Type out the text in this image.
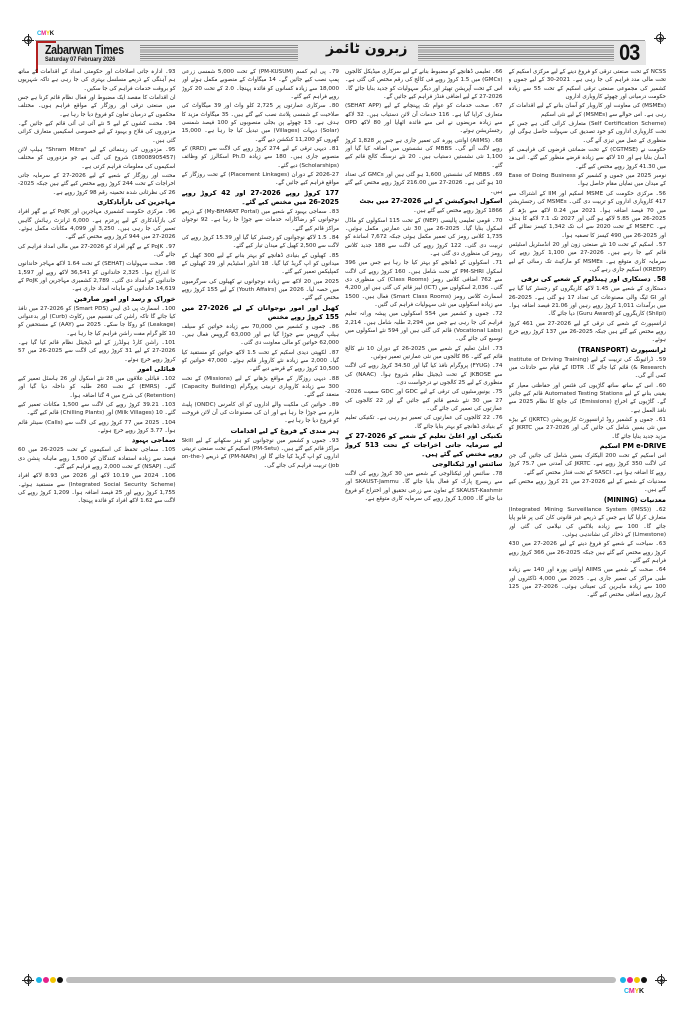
CMYK
Zabarwan Times
Saturday 07 February 2026
زبرون ٹائمز	03

NCSS کے تحت صنعتی ترقی کو فروغ دینے کے لیے مرکزی اسکیم کے تحت مالی مدد فراہم کی جا رہی ہے۔ 2021-30 کے لیے جموں و کشمیر کی مجموعی صنعتی ترقی اسکیم کے تحت 55 سے زیادہ حکومت درمیانی اور چھوٹے کاروباری اداروں

(MSMEs) کی معاونت اور کاروبار کو آسان بنانے کے لیے اقدامات کر رہی ہے۔ اس حوالے سے (MSMEs) کے لیے نئی اسکیم

(Self Certification Scheme) متعارف کرائی گئی ہے جس کے تحت کاروباری اداروں کو خود تصدیق کی سہولت حاصل ہوگی اور منظوری کے عمل میں تیزی آئے گی۔

حکومت نے (CGTMSE) کے تحت ضمانتی قرضوں کی فراہمی کو آسان بنایا ہے اور 10 لاکھ سے زیادہ قرضے منظور کیے گئے۔ اس مد میں 41.30 کروڑ روپے مختص کیے گئے۔

نومبر 2025 میں جموں و کشمیر کو Ease of Doing Business کے میدان میں نمایاں مقام حاصل ہوا۔

56۔ مرکزی حکومت کی MSME اسکیم اور IIM کے اشتراک سے 417 کاروباری اداروں کو تربیت دی گئی۔ MSMEs کی رجسٹریشن میں 70 فیصد اضافہ ہوا۔ 2021 میں 0.24 لاکھ سے بڑھ کر 2025-26 میں 5.85 لاکھ ہو گئی اور 2027 تک 7.1 لاکھ کا ہدف ہے۔ MSEFC کے تحت 2020 سے اب تک 1,342 کیسز نمٹائے گئے اور 2025-26 میں 490 کیسز کا تصفیہ ہوا۔

57۔ اسکیم کے تحت 10 نئے صنعتی زون اور 20 انڈسٹریل اسٹیٹس قائم کیے جا رہے ہیں۔ 2026-27 میں 1,100 کروڑ روپے کی سرمایہ کاری متوقع ہے۔ MSMEs کو مارکیٹ تک رسائی کے لیے (KREDP) اسکیم جاری رہے گی۔

58۔ دستکاری اور ہینڈلوم کے شعبے کی ترقی

دستکاری کے شعبے میں 1.45 لاکھ کاریگروں کو رجسٹر کیا گیا ہے اور GI ٹیگ والی مصنوعات کی تعداد 17 ہو گئی ہے۔ 2025-26 میں برآمدات 1,011 کروڑ روپے رہیں اور 21.06 فیصد اضافہ ہوا۔ (Shilpi) کاریگروں کو (Guru Award) دیا جائے گا۔

ٹرانسپورٹ کے شعبے کی ترقی کے لیے 2026-27 میں 461 کروڑ روپے مختص کیے گئے ہیں جبکہ 2025-26 میں 137 کروڑ روپے خرچ ہوئے۔

ٹرانسپورٹ (TRANSPORT)

59۔ ڈرائیونگ کی تربیت کے لیے (Institute of Driving Training & Research) قائم کیا جائے گا۔ IDTR کے قیام سے حادثات میں کمی آئے گی۔

60۔ اس کے ساتھ ساتھ گاڑیوں کی فٹنس اور حفاظتی معیار کو یقینی بنانے کے لیے Automated Testing Stations قائم کیے جائیں گے۔ گاڑیوں کے اخراج (Emissions) کی جانچ کا نظام 2025 سے نافذ العمل ہے۔

61۔ جموں و کشمیر روڈ ٹرانسپورٹ کارپوریشن (JKRTC) کے بیڑے میں نئی بسیں شامل کی جائیں گی اور 2026-27 میں JKRTC کو مزید جدید بنایا جائے گا۔

PM e-DRIVE اسکیم

اس اسکیم کے تحت 200 الیکٹرک بسیں شامل کی جائیں گی جن کی لاگت 350 کروڑ روپے ہے۔ JKRTC کی آمدنی میں 75.7 کروڑ روپے کا اضافہ ہوا ہے۔ SASCI کے تحت فنڈز مختص کیے گئے۔

معدنیات کے شعبے کے لیے 2026-27 میں 21 کروڑ روپے مختص کیے گئے ہیں۔

معدنیات (MINING)

62۔ (Integrated Mining Surveillance System (IMSS)) متعارف کرایا گیا ہے جس کے ذریعے غیر قانونی کان کنی پر قابو پایا جائے گا۔ 100 سے زیادہ بلاکس کی نیلامی کی گئی اور (Limestone) کے ذخائر کی نشاندہی ہوئی۔

63۔ سیاحت کے شعبے کو فروغ دینے کے لیے 2026-27 میں 430 کروڑ روپے مختص کیے گئے ہیں جبکہ 2025-26 میں 366 کروڑ روپے فراہم کیے گئے۔

64۔ صحت کے شعبے میں AIIMS اوانتی پورہ اور 140 سے زیادہ طبی مراکز کی تعمیر جاری ہے۔ 2025 میں 4,000 ڈاکٹروں اور 100 سے زیادہ ماہرین کی تعیناتی ہوئی۔ 2026-27 میں 125 کروڑ روپے اضافی مختص کیے گئے۔

66۔ تعلیمی ڈھانچے کو مضبوط بنانے کے لیے سرکاری میڈیکل کالجوں (GMCs) میں 1.5 کروڑ روپے فی کالج کی رقم مختص کی گئی ہے۔ اس کے تحت آپریشن تھیٹر اور دیگر سہولیات کو جدید بنایا جائے گا۔ 2026-27 کے لیے اضافی فنڈز فراہم کیے جائیں گے۔

67۔ صحت خدمات کو عوام تک پہنچانے کے لیے (SEHAT APP) متعارف کرایا گیا ہے۔ 116 خدمات آن لائن دستیاب ہیں۔ 32 لاکھ سے زیادہ مریضوں نے اس سے فائدہ اٹھایا اور 80 لاکھ OPD رجسٹریشن ہوئے۔

68۔ (AIIMS) اوانتی پورہ کی تعمیر جاری ہے جس پر 1,828 کروڑ روپے لاگت آئے گی۔ MBBS کی نشستوں میں اضافہ کیا گیا اور 1,100 نئی نشستیں دستیاب ہیں۔ 20 نئے نرسنگ کالج قائم کیے گئے۔

69۔ MBBS کی نشستیں 1,600 ہو گئی ہیں اور GMCs کی تعداد 10 ہو گئی ہے۔ 2026-27 میں 216.00 کروڑ روپے مختص کیے گئے ہیں۔

اسکول ایجوکیشن کے لیے 2026-27 میں بجٹ

1866 کروڑ روپے مختص کیے گئے ہیں۔

70۔ قومی تعلیمی پالیسی (NEP) کے تحت 115 اسکولوں کو ماڈل اسکول بنایا گیا۔ 2025-26 میں 30 نئی عمارتیں مکمل ہوئیں۔ 1,735 کلاس رومز کی تعمیر مکمل ہوئی جبکہ 7,672 اساتذہ کو تربیت دی گئی۔ 122 کروڑ روپے کی لاگت سے 188 جدید کلاس رومز کی منظوری دی گئی ہے۔

71۔ اسکولوں کے ڈھانچے کو بہتر کیا جا رہا ہے جس میں 396 اسکول PM-SHRI کے تحت شامل ہیں۔ 160 کروڑ روپے کی لاگت سے 762 اضافی کلاس رومز (Class Rooms) کی منظوری دی گئی۔ 2,036 اسکولوں میں (ICT) لیبز قائم کی گئی ہیں اور 4,200 اسمارٹ کلاس رومز (Smart Class Rooms) فعال ہیں۔ 1500 سے زیادہ اسکولوں میں نئی سہولیات فراہم کی گئیں۔

72۔ جموں و کشمیر میں 554 اسکولوں میں پیشہ ورانہ تعلیم فراہم کی جا رہی ہے جس میں 2,294 طلبہ شامل ہیں۔ 2,214 (Vocational Labs) قائم کی گئی ہیں اور 594 نئے اسکولوں میں توسیع کی جائے گی۔

73۔ اعلیٰ تعلیم کے شعبے میں 2025-26 کے دوران 10 نئے کالج قائم کیے گئے۔ 86 کالجوں میں نئی عمارتیں تعمیر ہوئیں۔

74۔ (FYUG) پروگرام نافذ کیا گیا اور 34.50 کروڑ روپے کی لاگت سے JKBOSE کے تحت ڈیجیٹل نظام شروع ہوا۔ (NAAC) کی منظوری کے لیے 25 کالجوں نے درخواست دی۔

75۔ یونیورسٹیوں کی ترقی کے لیے GDC اور GDC سمیت 2026-27 میں 30 نئے شعبے قائم کیے جائیں گے اور 22 کالجوں کی عمارتوں کی تعمیر کی جائے گی۔

76۔ 22 کالجوں کی عمارتوں کی تعمیر ہو رہی ہے۔ تکنیکی تعلیم کے بنیادی ڈھانچے کو بہتر بنایا جائے گا۔

تکنیکی اور اعلیٰ تعلیم کے شعبے کو 2026-27 کے لیے سرمایہ جاتی اخراجات کے تحت 513 کروڑ روپے مختص کیے گئے ہیں۔

سائنس اور ٹیکنالوجی

78۔ سائنس اور ٹیکنالوجی کے شعبے میں 30 کروڑ روپے کی لاگت سے ریسرچ پارک کو فعال بنایا جائے گا۔ SKAUST-Jammu اور SKAUST-Kashmir کے تعاون سے زرعی تحقیق اور اختراع کو فروغ دیا جائے گا۔ 1,000 کروڑ روپے کی سرمایہ کاری متوقع ہے۔

79۔ پی ایم کسم (PM-KUSUM) کے تحت 5,000 شمسی زرعی پمپ نصب کیے جائیں گے۔ 14 میگاواٹ کے منصوبے مکمل ہوئے اور 18,000 سے زیادہ کسانوں کو فائدہ پہنچا۔ 2.0 کے تحت 20 کروڑ روپے فراہم کیے گئے۔

80۔ سرکاری عمارتوں پر 2,725 کلو واٹ اور 39 میگاواٹ کی صلاحیت کے شمسی پلانٹ نصب کیے گئے ہیں۔ 35 میگاواٹ مزید کا ہدف ہے۔ 13 چھوٹے پن بجلی منصوبوں کو 100 فیصد شمسی (Solar) دیہات (Villages) میں تبدیل کیا جا رہا ہے۔ 15,000 گھروں کو 11,200 کنکشن دیے گئے۔

81۔ دیہی ترقی کے لیے 274 کروڑ روپے کی لاگت سے (RRD) کے منصوبے جاری ہیں۔ 180 سے زیادہ Ph.D اسکالرز کو وظائف (Scholarships) دیے گئے۔

2026-27 کے دوران (Placement Linkages) کے تحت روزگار کے مواقع فراہم کیے جائیں گے۔

177 کروڑ روپے 2026-27 اور 42 کروڑ روپے 2025-26 میں مختص کیے گئے۔

83۔ سماجی بہبود کے شعبے میں (My-BHARAT Portal) کے ذریعے نوجوانوں کو رضاکارانہ خدمات سے جوڑا جا رہا ہے۔ 92 نوجوان مراکز قائم کیے گئے۔

84۔ 1.5 لاکھ نوجوانوں کو رجسٹر کیا گیا اور 15.39 کروڑ روپے کی لاگت سے 2,500 کھیل کے میدان تیار کیے گئے۔

85۔ کھیلوں کے بنیادی ڈھانچے کو بہتر بنانے کے لیے 300 کھیل کے میدانوں کو اپ گریڈ کیا گیا۔ 18 انڈور اسٹیڈیم اور 29 کھیلوں کے کمپلیکس تعمیر کیے گئے۔

2025 میں 20 لاکھ سے زیادہ نوجوانوں نے کھیلوں کی سرگرمیوں میں حصہ لیا۔ 2026 میں (Youth Affairs) کے لیے 155 کروڑ روپے مختص کیے گئے۔

کھیل اور امور نوجوانان کے لیے 2026-27 میں 155 کروڑ روپے مختص

86۔ جموں و کشمیر میں 70,000 سے زیادہ خواتین کو سیلف ہیلپ گروپس سے جوڑا گیا ہے اور 63,000 گروپس فعال ہیں۔ 62,000 خواتین کو مالی معاونت دی گئی۔

87۔ لکھپتی دیدی اسکیم کے تحت 1.5 لاکھ خواتین کو مستفید کیا گیا۔ 2,000 سے زیادہ نئے کاروبار قائم ہوئے۔ 47,000 خواتین کو 10,500 کروڑ روپے کے قرضے دیے گئے۔

88۔ دیہی روزگار کے مواقع بڑھانے کے لیے (Missions) کے تحت 300 سے زیادہ کاروباری تربیتی پروگرام (Capacity Building) منعقد کیے گئے۔

89۔ خواتین کی ملکیت والے اداروں کو ای کامرس (ONDC) پلیٹ فارم سے جوڑا جا رہا ہے اور ان کی مصنوعات کی آن لائن فروخت کو فروغ دیا جا رہا ہے۔

ہنر مندی کے فروغ کے لیے اقدامات

93۔ جموں و کشمیر میں نوجوانوں کو ہنر سکھانے کے لیے Skill مراکز قائم کیے گئے ہیں۔ (PM-Setu) اسکیم کے تحت صنعتی تربیتی اداروں کو اپ گریڈ کیا جائے گا اور (PM-NAPs) کے ذریعے (on-the-job) تربیت فراہم کی جائے گی۔

93۔ ادارہ جاتی اصلاحات اور حکومتی امداد کے اقدامات کے ساتھ ہم آہنگی کے ذریعے مسلسل بہتری کی جا رہی ہے تاکہ شہریوں کو بروقت خدمات فراہم کی جا سکیں۔

ان اقدامات کا مقصد ایک مضبوط اور فعال نظام قائم کرنا ہے جس میں صنعتی ترقی اور روزگار کے مواقع فراہم ہوں۔ مختلف محکموں کے درمیان تعاون کو فروغ دیا جا رہا ہے۔

94۔ محنت کشوں کے لیے 5 نئے آئی ٹی آئی قائم کیے جائیں گے۔ مزدوروں کی فلاح و بہبود کے لیے خصوصی اسکیمیں متعارف کرائی گئی ہیں۔

95۔ مزدوروں کی رہنمائی کے لیے "Shram Mitra" ہیلپ لائن (18008905457) شروع کی گئی ہے جو مزدوروں کو مختلف اسکیموں کی معلومات فراہم کرتی ہے۔

محنت اور روزگار کے شعبے کے لیے 2026-27 کے سرمایہ جاتی اخراجات کے تحت 244 کروڑ روپے مختص کیے گئے ہیں جبکہ 2025-26 کی نظرثانی شدہ تخمینہ رقم 98 کروڑ روپے ہے۔

مہاجرین کی بازآبادکاری

96۔ مرکزی حکومت کشمیری مہاجرین اور PoJK کے بے گھر افراد کی بازآبادکاری کے لیے پرعزم ہے۔ 6,000 ٹرانزٹ رہائش گاہیں تعمیر کی جا رہی ہیں۔ 3,250 اور 4,099 مکانات مکمل ہوئے۔ 2026-27 میں 944 کروڑ روپے مختص کیے گئے۔

97۔ PoJK کے بے گھر افراد کو 2026-27 میں مالی امداد فراہم کی جائے گی۔

98۔ صحت سہولیات (SEHAT) کے تحت 1.64 لاکھ مہاجر خاندانوں کا اندراج ہوا۔ 2,325 خاندانوں کو 36,541 لاکھ روپے اور 1,597 خاندانوں کو امداد دی گئی۔ 2,789 کشمیری مہاجرین اور PoJK کے 14,619 خاندانوں کو ماہانہ امداد جاری ہے۔

خوراک و رسد اور امور صارفین

100۔ اسمارٹ پی ڈی ایس (Smart PDS) کو 2026-27 میں نافذ کیا جائے گا تاکہ راشن کی تقسیم میں رکاوٹ (Curb) اور بدعنوانی (Leakage) کو روکا جا سکے۔ 2025 سے (AAY) کے مستحقین کو 10 کلو گرام مفت راشن فراہم کیا جا رہا ہے۔

101۔ راشن کارڈ ہولڈرز کے لیے ڈیجیٹل نظام قائم کیا گیا ہے۔ 2026-27 کے لیے 31 کروڑ روپے کی لاگت سے 2025-26 میں 57 کروڑ روپے خرچ ہوئے۔

قبائلی امور

102۔ قبائلی علاقوں میں 28 نئے اسکول اور 26 ہاسٹل تعمیر کیے گئے۔ (EMRS) کے تحت 260 طلبہ کو داخلہ دیا گیا اور (Retention) کی شرح میں 4 گنا اضافہ ہوا۔

103۔ 39.21 کروڑ روپے کی لاگت سے 1,500 مکانات تعمیر کیے گئے۔ 10 (Milk Villages) اور (Chilling Plants) قائم کیے گئے۔

104۔ 2025 میں 77 کروڑ روپے کی لاگت سے (Calls) سینٹر قائم ہوا۔ 3.77 کروڑ روپے خرچ ہوئے۔

سماجی بہبود

105۔ سماجی تحفظ کی اسکیموں کے تحت 2025-26 میں 60 فیصد سے زیادہ استفادہ کنندگان کو 1,500 روپے ماہانہ پنشن دی گئی۔ (NSAP) کے تحت 2,000 روپے فراہم کیے گئے۔

106۔ 2024 میں 10.19 لاکھ اور 2026 میں 8.93 لاکھ افراد (Integrated Social Security Scheme) سے مستفید ہوئے۔ 1,755 کروڑ روپے اور 25 فیصد اضافہ ہوا۔ 1,209 کروڑ روپے کی لاگت سے 1.62 لاکھ افراد کو فائدہ پہنچا۔

CMYK
